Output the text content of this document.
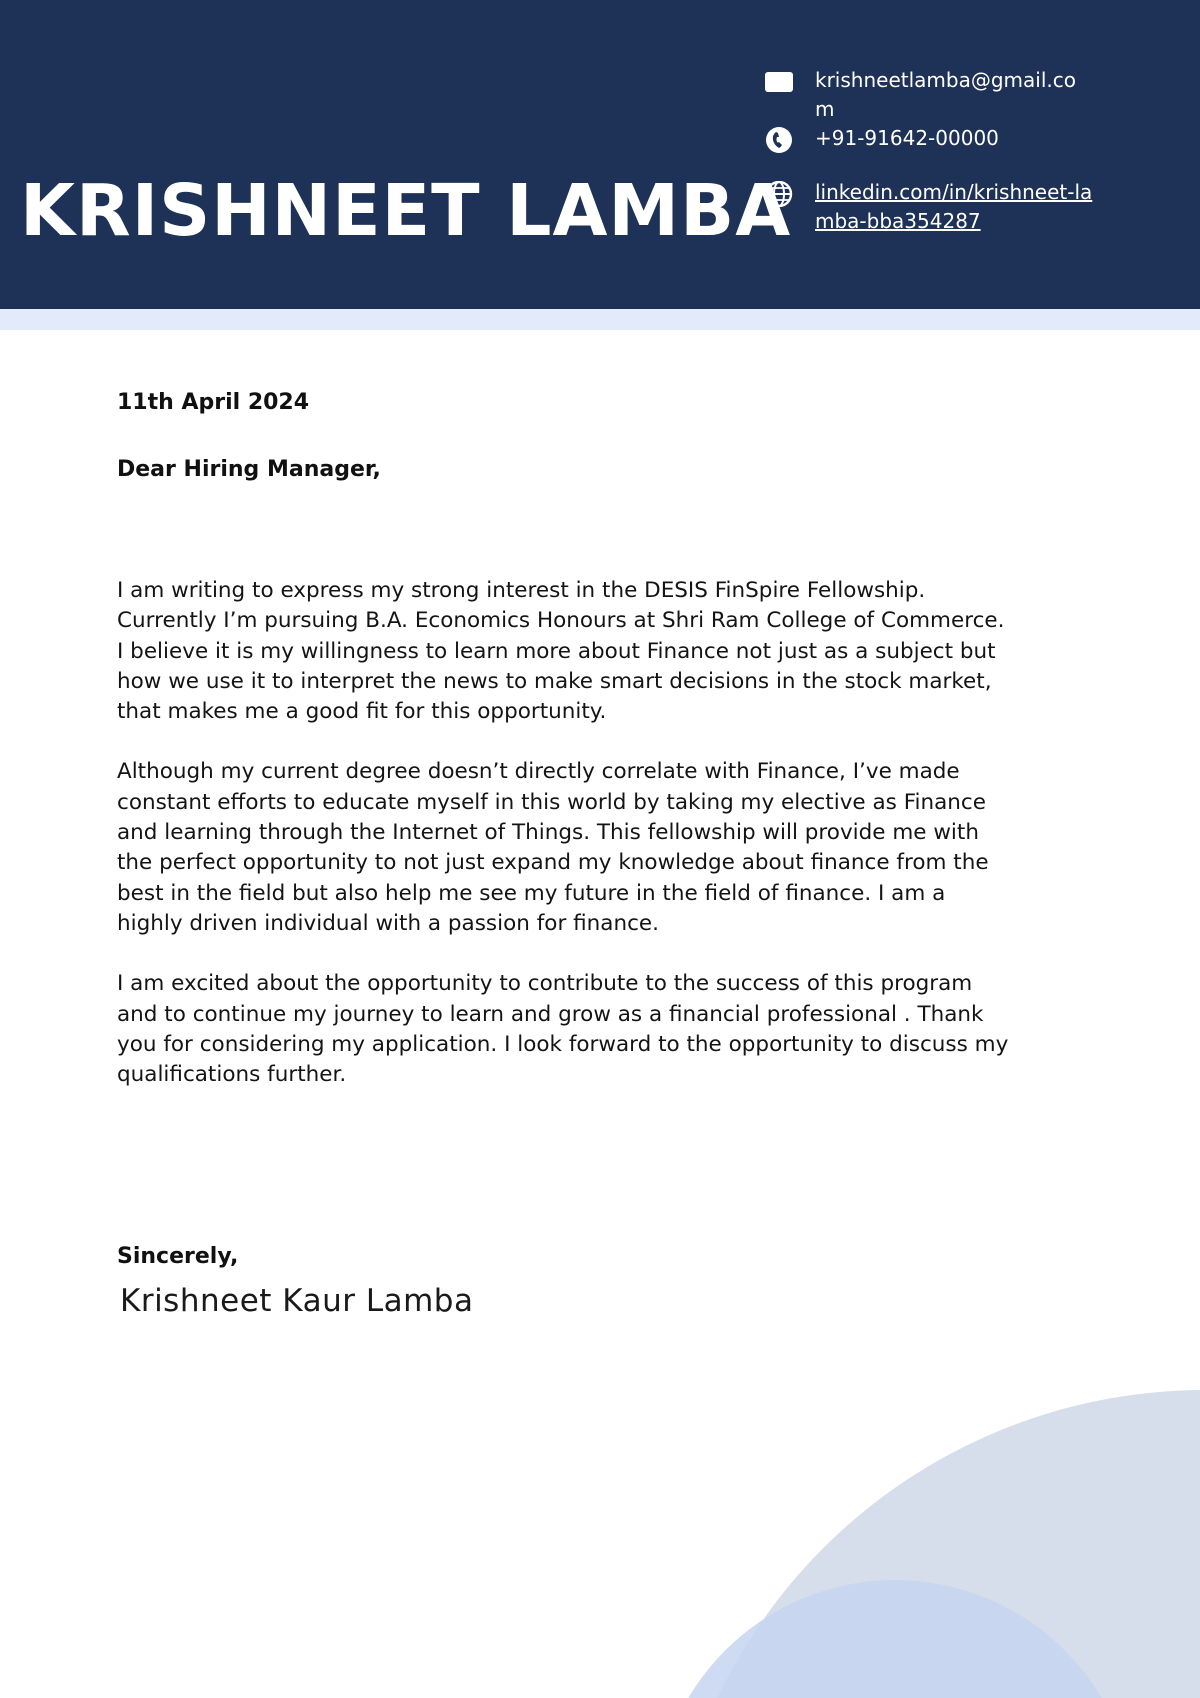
KRISHNEET LAMBA
krishneetlamba@gmail.com
+91-91642-00000
linkedin.com/in/krishneet-lamba-bba354287

11th April 2024

Dear Hiring Manager,

I am writing to express my strong interest in the DESIS FinSpire Fellowship. Currently I’m pursuing B.A. Economics Honours at Shri Ram College of Commerce. I believe it is my willingness to learn more about Finance not just as a subject but how we use it to interpret the news to make smart decisions in the stock market, that makes me a good fit for this opportunity.

Although my current degree doesn’t directly correlate with Finance, I’ve made constant efforts to educate myself in this world by taking my elective as Finance and learning through the Internet of Things. This fellowship will provide me with the perfect opportunity to not just expand my knowledge about finance from the best in the field but also help me see my future in the field of finance. I am a highly driven individual with a passion for finance.

I am excited about the opportunity to contribute to the success of this program and to continue my journey to learn and grow as a financial professional . Thank you for considering my application. I look forward to the opportunity to discuss my qualifications further.

Sincerely,

Krishneet Kaur Lamba
